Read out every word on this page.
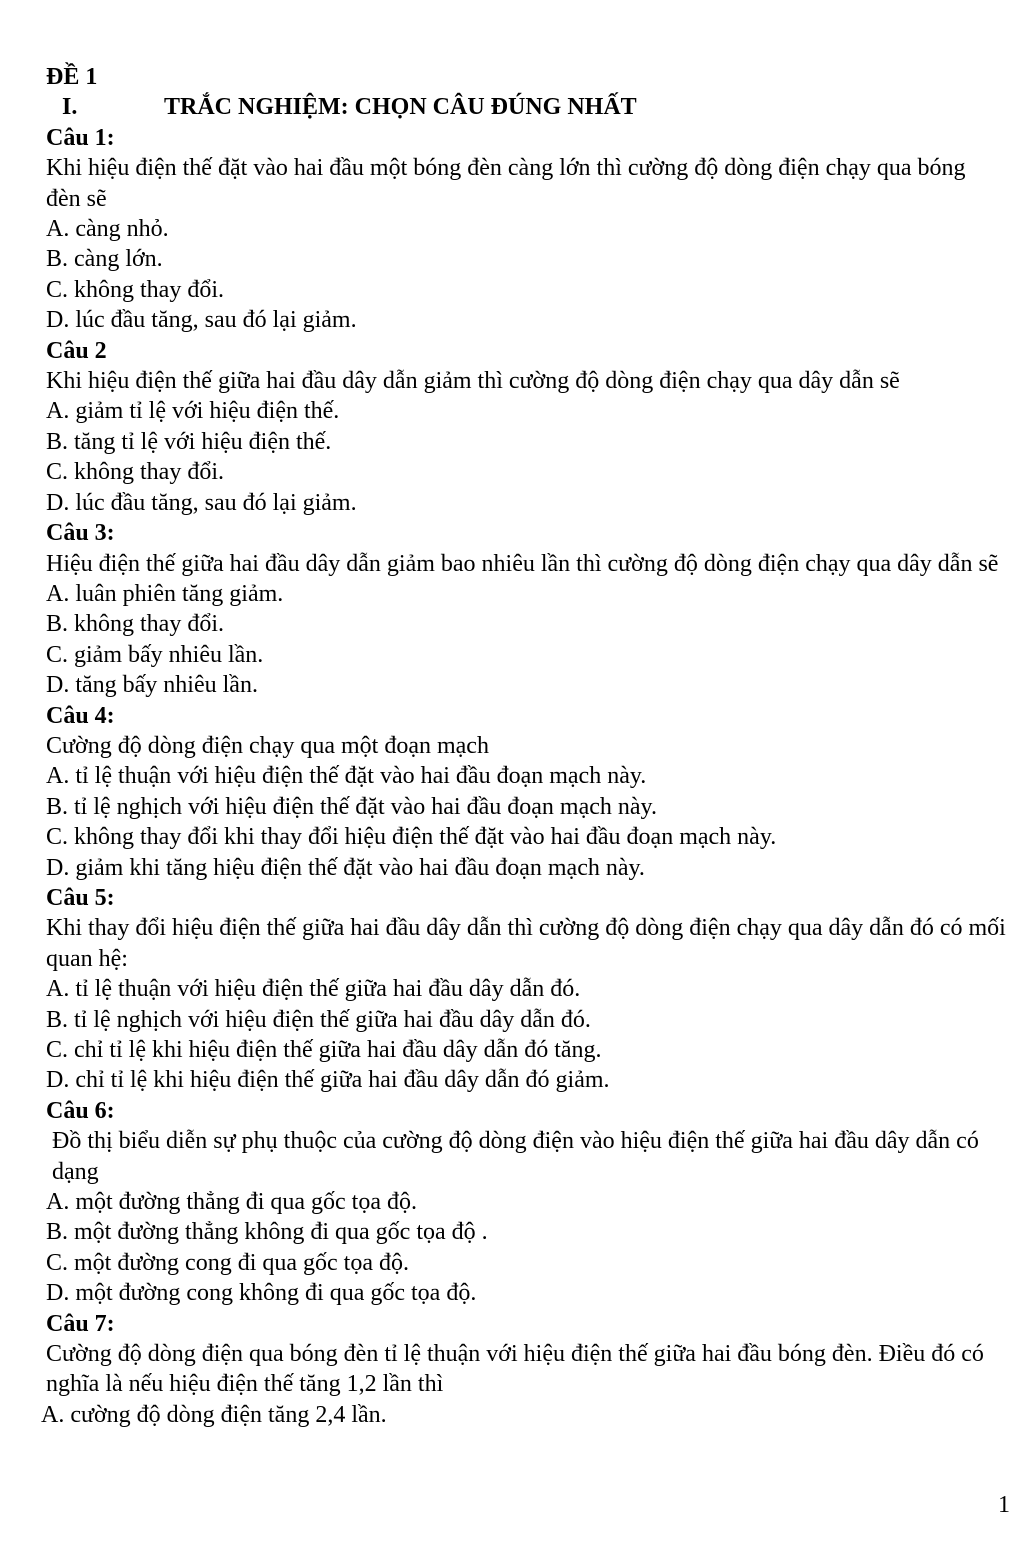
ĐỀ 1
I.	TRẮC NGHIỆM: CHỌN CÂU ĐÚNG NHẤT
Câu 1:
Khi hiệu điện thế đặt vào hai đầu một bóng đèn càng lớn thì cường độ dòng điện chạy qua bóng đèn sẽ
A. càng nhỏ.
B. càng lớn.
C. không thay đổi.
D. lúc đầu tăng, sau đó lại giảm.
Câu 2
Khi hiệu điện thế giữa hai đầu dây dẫn giảm thì cường độ dòng điện chạy qua dây dẫn sẽ
A. giảm tỉ lệ với hiệu điện thế.
B. tăng tỉ lệ với hiệu điện thế.
C. không thay đổi.
D. lúc đầu tăng, sau đó lại giảm.
Câu 3:
Hiệu điện thế giữa hai đầu dây dẫn giảm bao nhiêu lần thì cường độ dòng điện chạy qua dây dẫn sẽ
A. luân phiên tăng giảm.
B. không thay đổi.
C. giảm bấy nhiêu lần.
D. tăng bấy nhiêu lần.
Câu 4:
Cường độ dòng điện chạy qua một đoạn mạch
A. tỉ lệ thuận với hiệu điện thế đặt vào hai đầu đoạn mạch này.
B. tỉ lệ nghịch với hiệu điện thế đặt vào hai đầu đoạn mạch này.
C. không thay đổi khi thay đổi hiệu điện thế đặt vào hai đầu đoạn mạch này.
D. giảm khi tăng hiệu điện thế đặt vào hai đầu đoạn mạch này.
Câu 5:
Khi thay đổi hiệu điện thế giữa hai đầu dây dẫn thì cường độ dòng điện chạy qua dây dẫn đó có mối quan hệ:
A. tỉ lệ thuận với hiệu điện thế giữa hai đầu dây dẫn đó.
B. tỉ lệ nghịch với hiệu điện thế giữa hai đầu dây dẫn đó.
C. chỉ tỉ lệ khi hiệu điện thế giữa hai đầu dây dẫn đó tăng.
D. chỉ tỉ lệ khi hiệu điện thế giữa hai đầu dây dẫn đó giảm.
Câu 6:
Đồ thị biểu diễn sự phụ thuộc của cường độ dòng điện vào hiệu điện thế giữa hai đầu dây dẫn có dạng
A. một đường thẳng đi qua gốc tọa độ.
B. một đường thẳng không đi qua gốc tọa độ .
C. một đường cong đi qua gốc tọa độ.
D. một đường cong không đi qua gốc tọa độ.
Câu 7:
Cường độ dòng điện qua bóng đèn tỉ lệ thuận với hiệu điện thế giữa hai đầu bóng đèn. Điều đó có nghĩa là nếu hiệu điện thế tăng 1,2 lần thì
A. cường độ dòng điện tăng 2,4 lần.
1
